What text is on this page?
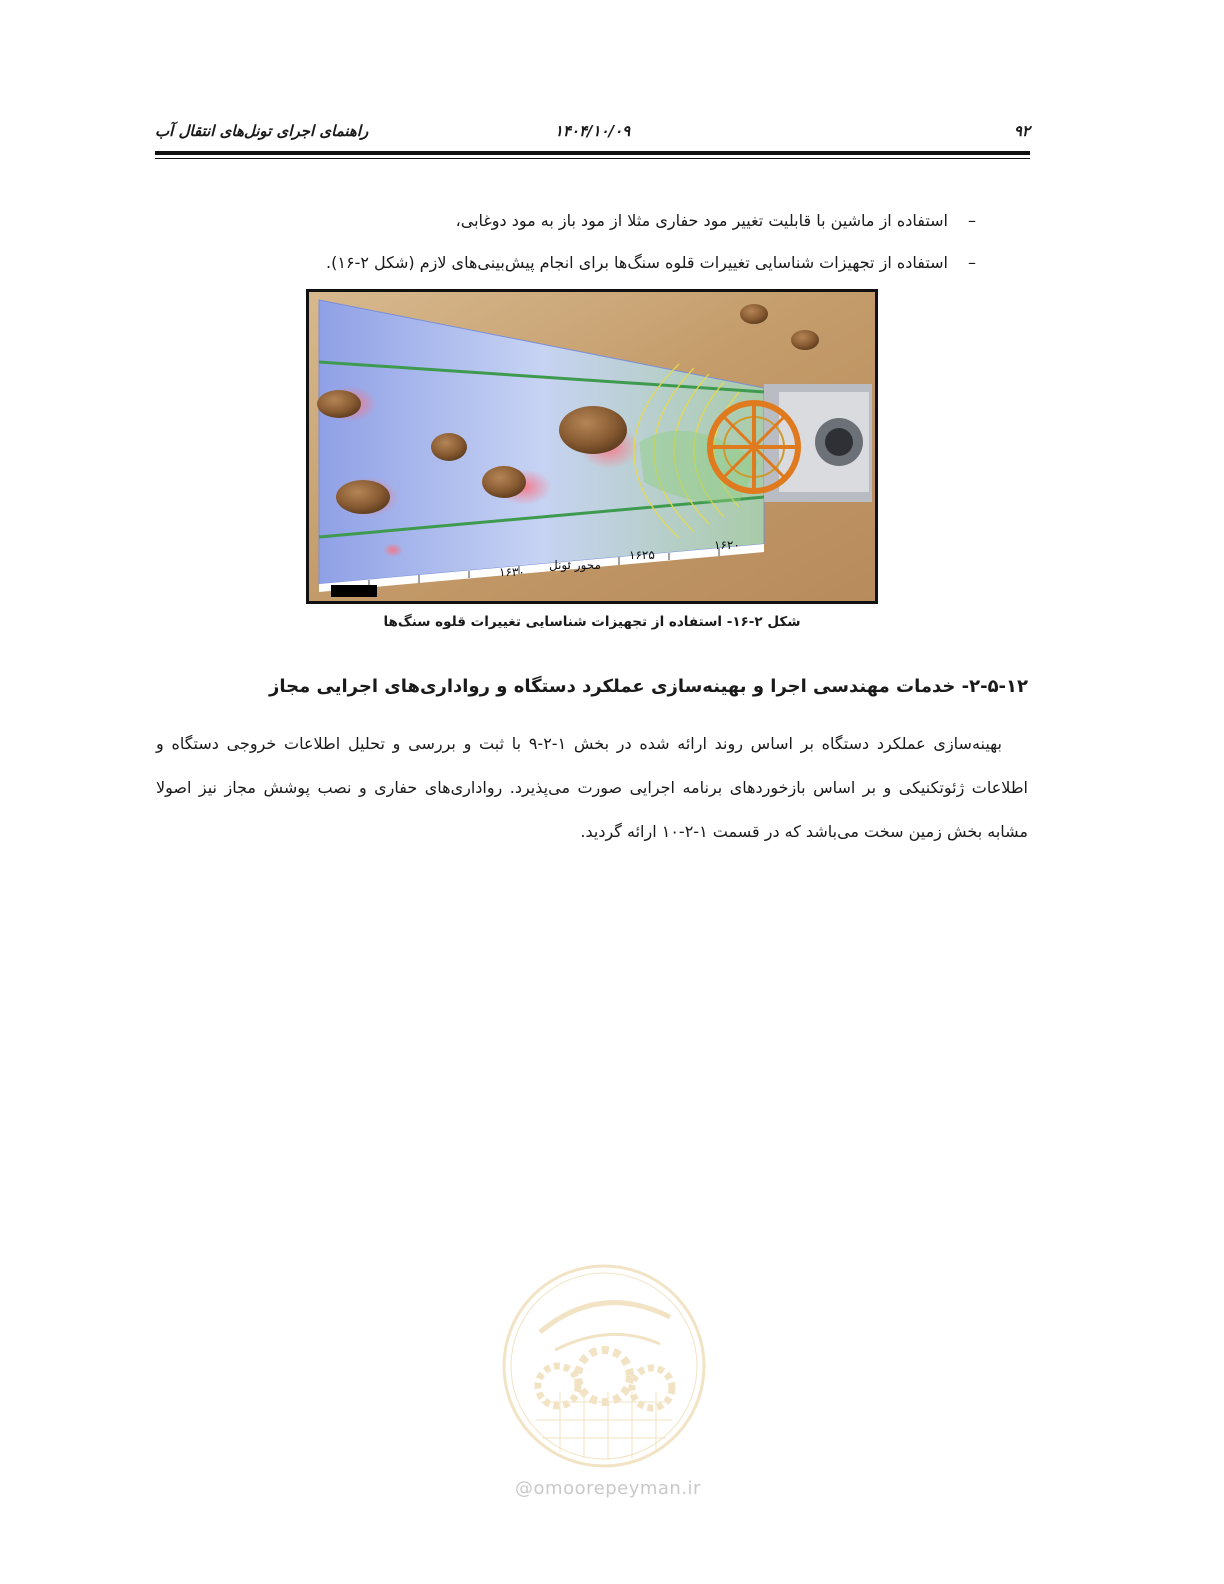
۹۲
۱۴۰۴/۱۰/۰۹
راهنمای اجرای تونل‌های انتقال آب
–استفاده از ماشین با قابلیت تغییر مود حفاری مثلا از مود باز به مود دوغابی،
–استفاده از تجهیزات شناسایی تغییرات قلوه سنگ‌ها برای انجام پیش‌بینی‌های لازم (شکل ۲-۱۶).
۱۶۲۰
۱۶۲۵
محور تونل
۱۶۳۰
شکل ۲-۱۶- استفاده از تجهیزات شناسایی تغییرات قلوه سنگ‌ها
۲-۵-۱۲- خدمات مهندسی اجرا و بهینه‌سازی عملکرد دستگاه و رواداری‌های اجرایی مجاز
بهینه‌سازی عملکرد دستگاه بر اساس روند ارائه شده در بخش ۱-۲-۹ با ثبت و بررسی و تحلیل اطلاعات خروجی دستگاه و اطلاعات ژئوتکنیکی و بر اساس بازخوردهای برنامه اجرایی صورت می‌پذیرد. رواداری‌های حفاری و نصب پوشش مجاز نیز اصولا مشابه بخش زمین سخت می‌باشد که در قسمت ۱-۲-۱۰ ارائه گردید.
@omoorepeyman.ir
